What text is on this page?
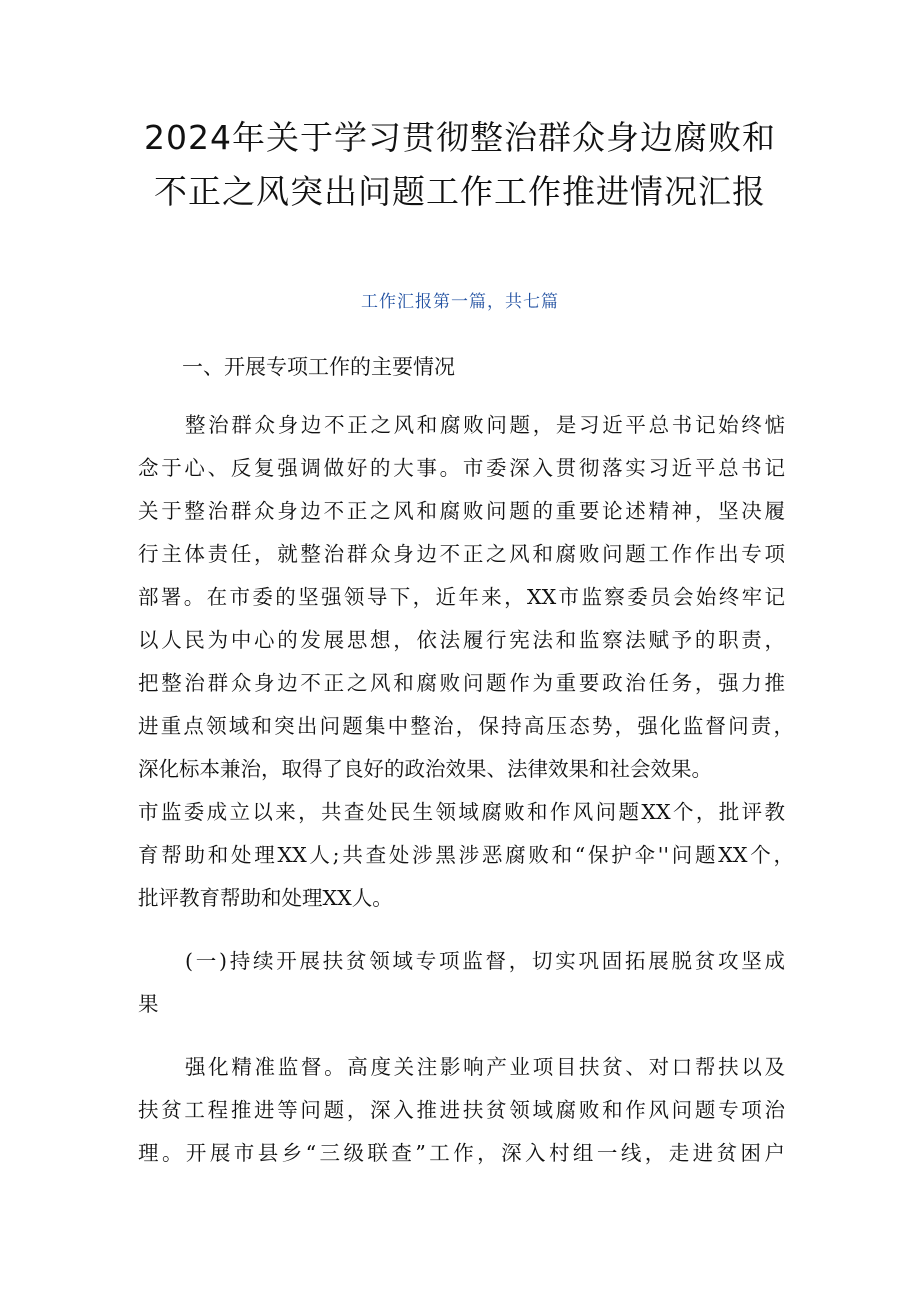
2024年关于学习贯彻整治群众身边腐败和
不正之风突出问题工作工作推进情况汇报
工作汇报第一篇，共七篇
一、开展专项工作的主要情况
整治群众身边不正之风和腐败问题，是习近平总书记始终惦
念于心、反复强调做好的大事。市委深入贯彻落实习近平总书记
关于整治群众身边不正之风和腐败问题的重要论述精神，坚决履
行主体责任，就整治群众身边不正之风和腐败问题工作作出专项
部署。在市委的坚强领导下，近年来，XX市监察委员会始终牢记
以人民为中心的发展思想，依法履行宪法和监察法赋予的职责，
把整治群众身边不正之风和腐败问题作为重要政治任务，强力推
进重点领域和突出问题集中整治，保持高压态势，强化监督问责，
深化标本兼治，取得了良好的政治效果、法律效果和社会效果。
市监委成立以来，共查处民生领域腐败和作风问题XX个，批评教
育帮助和处理XX人;共查处涉黑涉恶腐败和“保护伞''问题XX个，
批评教育帮助和处理XX人。
(一)持续开展扶贫领域专项监督，切实巩固拓展脱贫攻坚成
果
强化精准监督。高度关注影响产业项目扶贫、对口帮扶以及
扶贫工程推进等问题，深入推进扶贫领域腐败和作风问题专项治
理。开展市县乡“三级联查”工作，深入村组一线，走进贫困户
